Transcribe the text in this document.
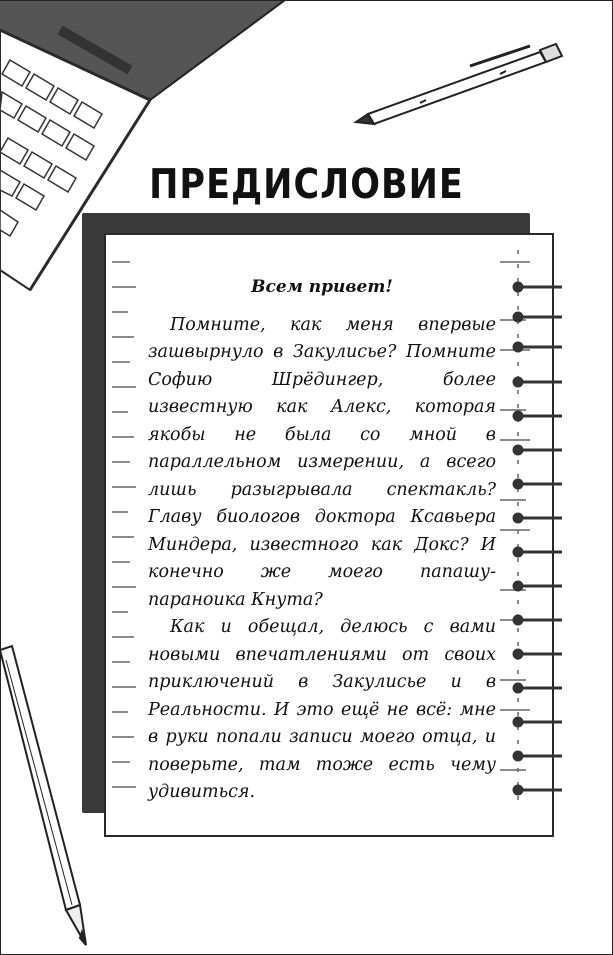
ПРЕДИСЛОВИЕ

Всем привет!

Помните, как меня впервые зашвырнуло в Закулисье? Помните Софию Шрёдингер, более известную как Алекс, которая якобы не была со мной в параллельном измерении, а всего лишь разыгрывала спектакль? Главу биологов доктора Ксавьера Миндера, известного как Докс? И конечно же моего папашу-параноика Кнута?

Как и обещал, делюсь с вами новыми впечатлениями от своих приключений в Закулисье и в Реальности. И это ещё не всё: мне в руки попали записи моего отца, и поверьте, там тоже есть чему удивиться.
